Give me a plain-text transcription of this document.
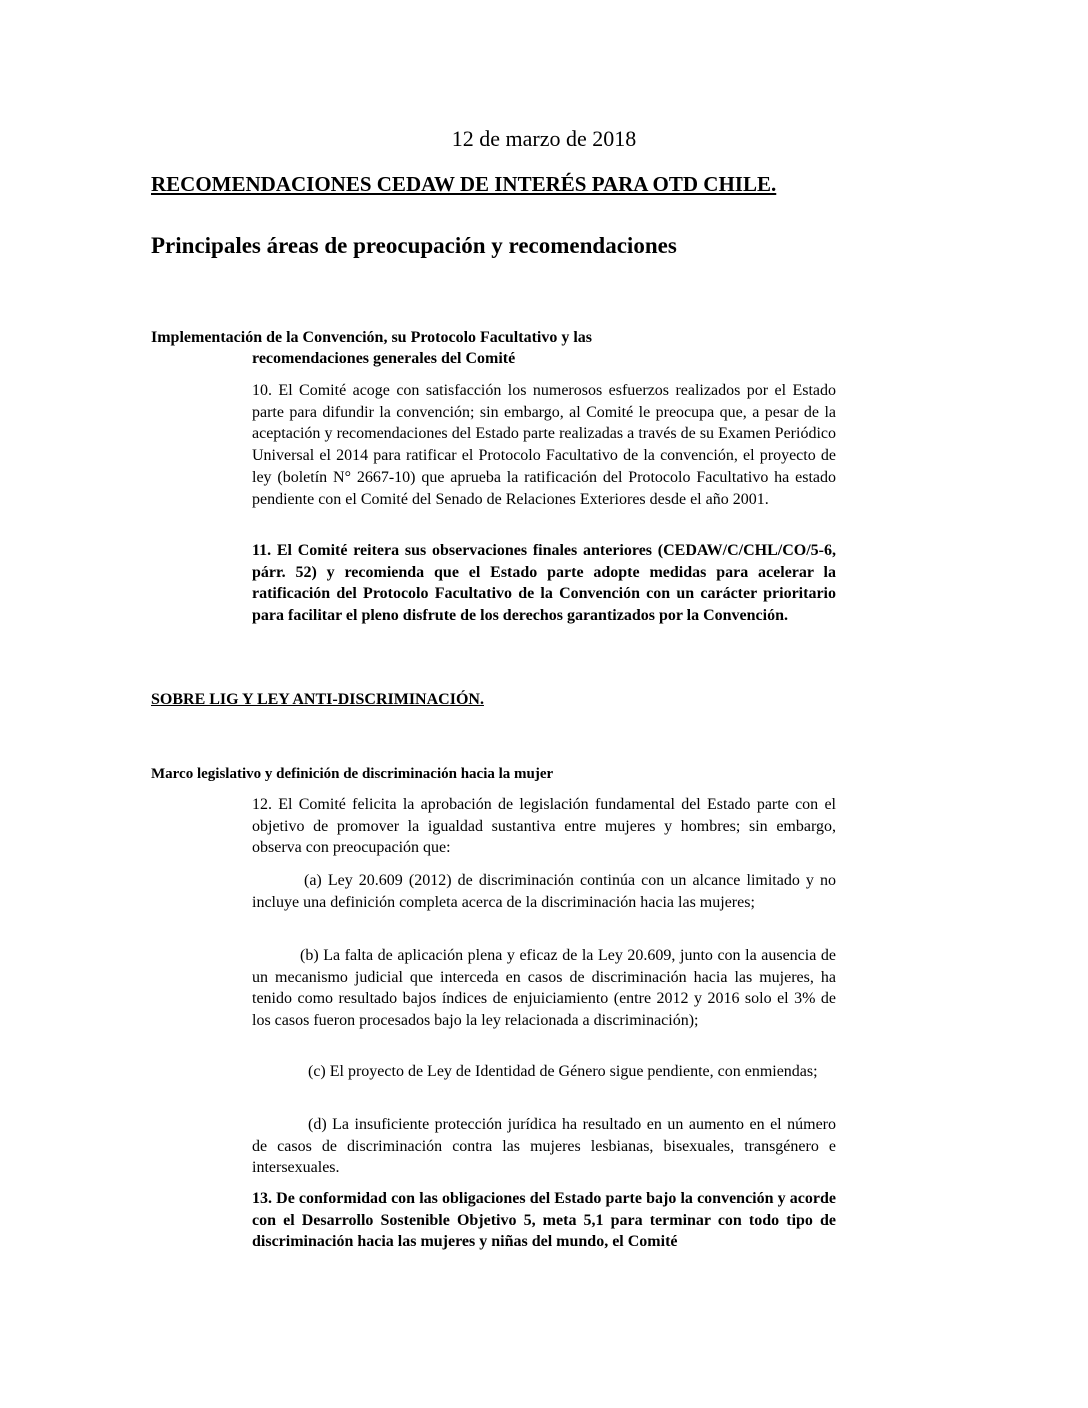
12 de marzo de 2018

RECOMENDACIONES CEDAW DE INTERÉS PARA OTD CHILE.

Principales áreas de preocupación y recomendaciones

Implementación de la Convención, su Protocolo Facultativo y las
recomendaciones generales del Comité

10. El Comité acoge con satisfacción los numerosos esfuerzos realizados por el Estado parte para difundir la convención; sin embargo, al Comité le preocupa que, a pesar de la aceptación y recomendaciones del Estado parte realizadas a través de su Examen Periódico Universal el 2014 para ratificar el Protocolo Facultativo de la convención, el proyecto de ley (boletín N° 2667-10) que aprueba la ratificación del Protocolo Facultativo ha estado pendiente con el Comité del Senado de Relaciones Exteriores desde el año 2001.

11. El Comité reitera sus observaciones finales anteriores (CEDAW/C/CHL/CO/5-6, párr. 52) y recomienda que el Estado parte adopte medidas para acelerar la ratificación del Protocolo Facultativo de la Convención con un carácter prioritario para facilitar el pleno disfrute de los derechos garantizados por la Convención.

SOBRE LIG Y LEY ANTI-DISCRIMINACIÓN.

Marco legislativo y definición de discriminación hacia la mujer

12. El Comité felicita la aprobación de legislación fundamental del Estado parte con el objetivo de promover la igualdad sustantiva entre mujeres y hombres; sin embargo, observa con preocupación que:

(a) Ley 20.609 (2012) de discriminación continúa con un alcance limitado y no incluye una definición completa acerca de la discriminación hacia las mujeres;

(b) La falta de aplicación plena y eficaz de la Ley 20.609, junto con la ausencia de un mecanismo judicial que interceda en casos de discriminación hacia las mujeres, ha tenido como resultado bajos índices de enjuiciamiento (entre 2012 y 2016 solo el 3% de los casos fueron procesados bajo la ley relacionada a discriminación);

(c) El proyecto de Ley de Identidad de Género sigue pendiente, con enmiendas;

(d) La insuficiente protección jurídica ha resultado en un aumento en el número de casos de discriminación contra las mujeres lesbianas, bisexuales, transgénero e intersexuales.

13. De conformidad con las obligaciones del Estado parte bajo la convención y acorde con el Desarrollo Sostenible Objetivo 5, meta 5,1 para terminar con todo tipo de discriminación hacia las mujeres y niñas del mundo, el Comité
